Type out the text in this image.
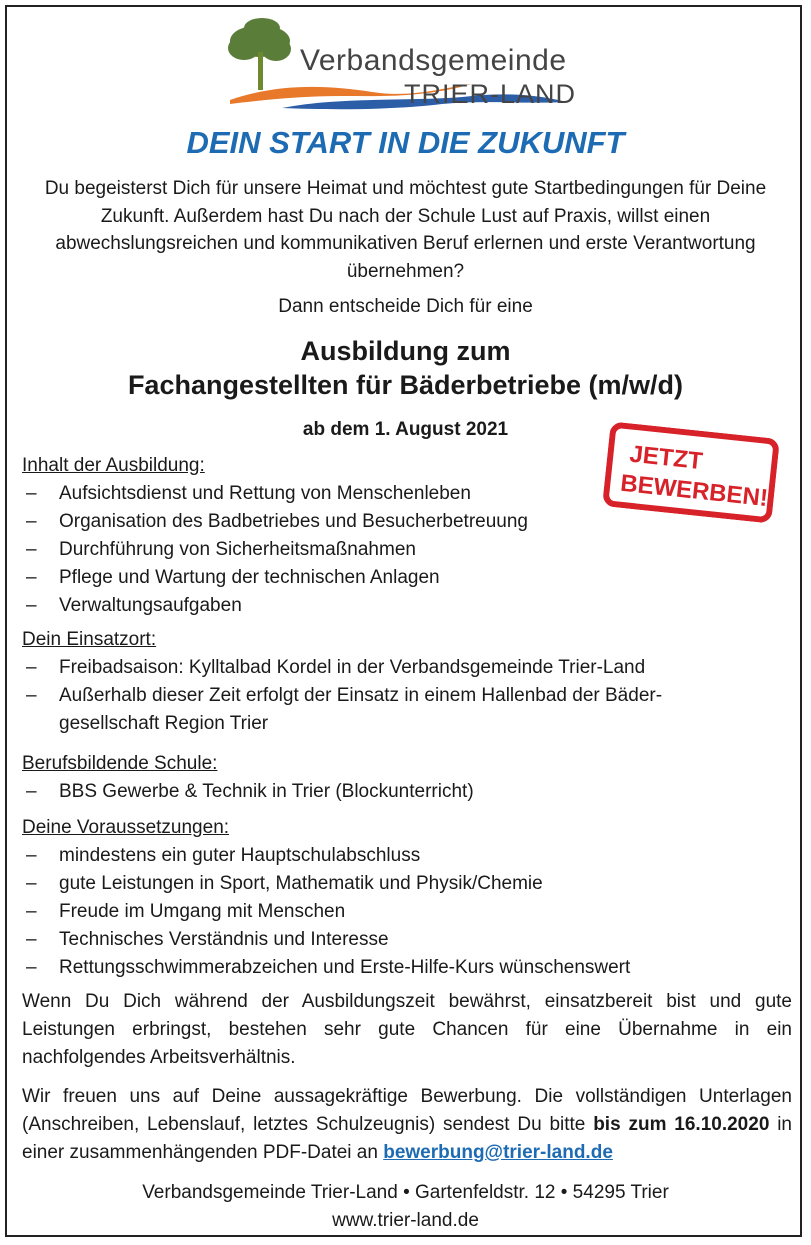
Verbandsgemeinde
TRIER-LAND
DEIN START IN DIE ZUKUNFT
Du begeisterst Dich für unsere Heimat und möchtest gute Startbedingungen für Deine Zukunft. Außerdem hast Du nach der Schule Lust auf Praxis, willst einen abwechslungsreichen und kommunikativen Beruf erlernen und erste Verantwortung übernehmen?
Dann entscheide Dich für eine
Ausbildung zum
Fachangestellten für Bäderbetriebe (m/w/d)
ab dem 1. August 2021
JETZT
BEWERBEN!
Inhalt der Ausbildung:
– Aufsichtsdienst und Rettung von Menschenleben
– Organisation des Badbetriebes und Besucherbetreuung
– Durchführung von Sicherheitsmaßnahmen
– Pflege und Wartung der technischen Anlagen
– Verwaltungsaufgaben
Dein Einsatzort:
– Freibadsaison: Kylltalbad Kordel in der Verbandsgemeinde Trier-Land
– Außerhalb dieser Zeit erfolgt der Einsatz in einem Hallenbad der Bäder-gesellschaft Region Trier
Berufsbildende Schule:
– BBS Gewerbe & Technik in Trier (Blockunterricht)
Deine Voraussetzungen:
– mindestens ein guter Hauptschulabschluss
– gute Leistungen in Sport, Mathematik und Physik/Chemie
– Freude im Umgang mit Menschen
– Technisches Verständnis und Interesse
– Rettungsschwimmerabzeichen und Erste-Hilfe-Kurs wünschenswert
Wenn Du Dich während der Ausbildungszeit bewährst, einsatzbereit bist und gute Leistungen erbringst, bestehen sehr gute Chancen für eine Übernahme in ein nachfolgendes Arbeitsverhältnis.
Wir freuen uns auf Deine aussagekräftige Bewerbung. Die vollständigen Unterlagen (Anschreiben, Lebenslauf, letztes Schulzeugnis) sendest Du bitte bis zum 16.10.2020 in einer zusammenhängenden PDF-Datei an bewerbung@trier-land.de
Verbandsgemeinde Trier-Land • Gartenfeldstr. 12 • 54295 Trier
www.trier-land.de
